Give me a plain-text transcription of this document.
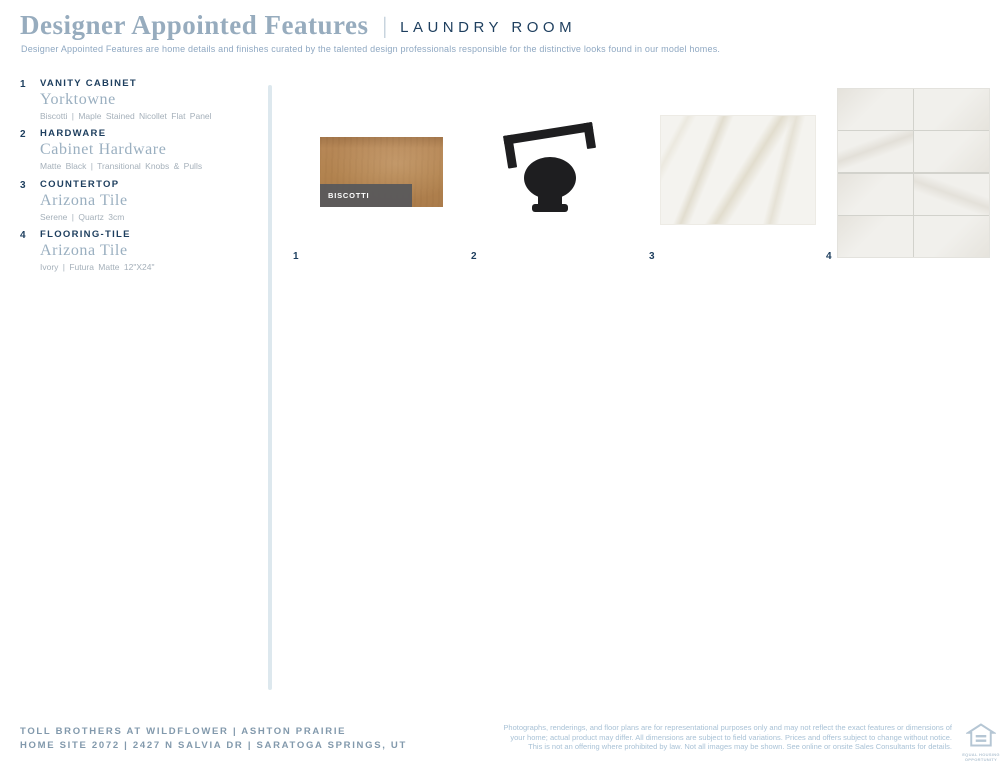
Designer Appointed Features | LAUNDRY ROOM
Designer Appointed Features are home details and finishes curated by the talented design professionals responsible for the distinctive looks found in our model homes.
1 VANITY CABINET
Yorktowne
Biscotti | Maple Stained Nicollet Flat Panel
2 HARDWARE
Cabinet Hardware
Matte Black | Transitional Knobs & Pulls
3 COUNTERTOP
Arizona Tile
Serene | Quartz 3cm
4 FLOORING-TILE
Arizona Tile
Ivory | Futura Matte 12"X24"
BISCOTTI
1	2	3	4
TOLL BROTHERS AT WILDFLOWER | ASHTON PRAIRIE
HOME SITE 2072 | 2427 N SALVIA DR | SARATOGA SPRINGS, UT
Photographs, renderings, and floor plans are for representational purposes only and may not reflect the exact features or dimensions of
your home; actual product may differ. All dimensions are subject to field variations. Prices and offers subject to change without notice.
This is not an offering where prohibited by law. Not all images may be shown. See online or onsite Sales Consultants for details.
EQUAL HOUSING
OPPORTUNITY
